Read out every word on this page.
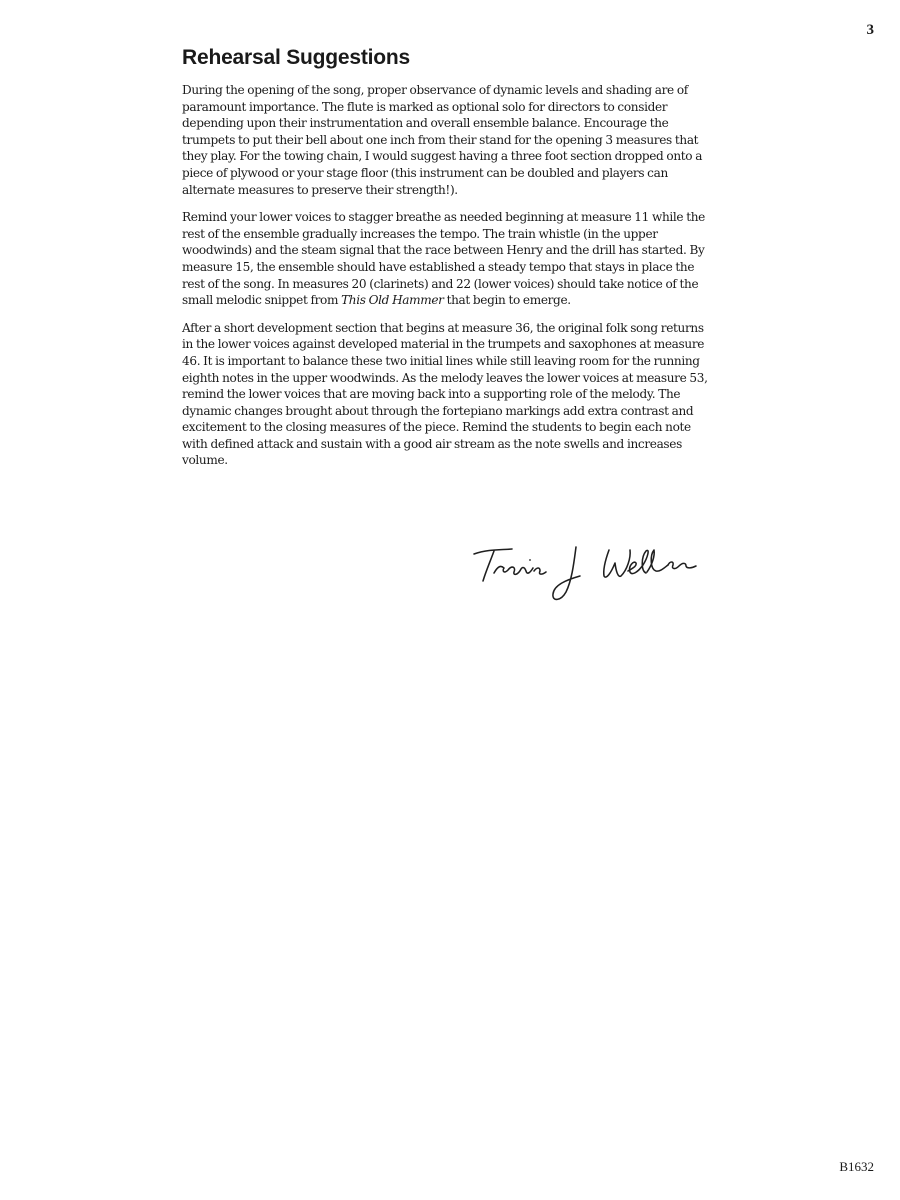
3
Rehearsal Suggestions

During the opening of the song, proper observance of dynamic levels and shading are of paramount importance. The flute is marked as optional solo for directors to consider depending upon their instrumentation and overall ensemble balance. Encourage the trumpets to put their bell about one inch from their stand for the opening 3 measures that they play. For the towing chain, I would suggest having a three foot section dropped onto a piece of plywood or your stage floor (this instrument can be doubled and players can alternate measures to preserve their strength!).

Remind your lower voices to stagger breathe as needed beginning at measure 11 while the rest of the ensemble gradually increases the tempo. The train whistle (in the upper woodwinds) and the steam signal that the race between Henry and the drill has started. By measure 15, the ensemble should have established a steady tempo that stays in place the rest of the song. In measures 20 (clarinets) and 22 (lower voices) should take notice of the small melodic snippet from This Old Hammer that begin to emerge.

After a short development section that begins at measure 36, the original folk song returns in the lower voices against developed material in the trumpets and saxophones at measure 46. It is important to balance these two initial lines while still leaving room for the running eighth notes in the upper woodwinds. As the melody leaves the lower voices at measure 53, remind the lower voices that are moving back into a supporting role of the melody. The dynamic changes brought about through the fortepiano markings add extra contrast and excitement to the closing measures of the piece. Remind the students to begin each note with defined attack and sustain with a good air stream as the note swells and increases volume.

B1632
